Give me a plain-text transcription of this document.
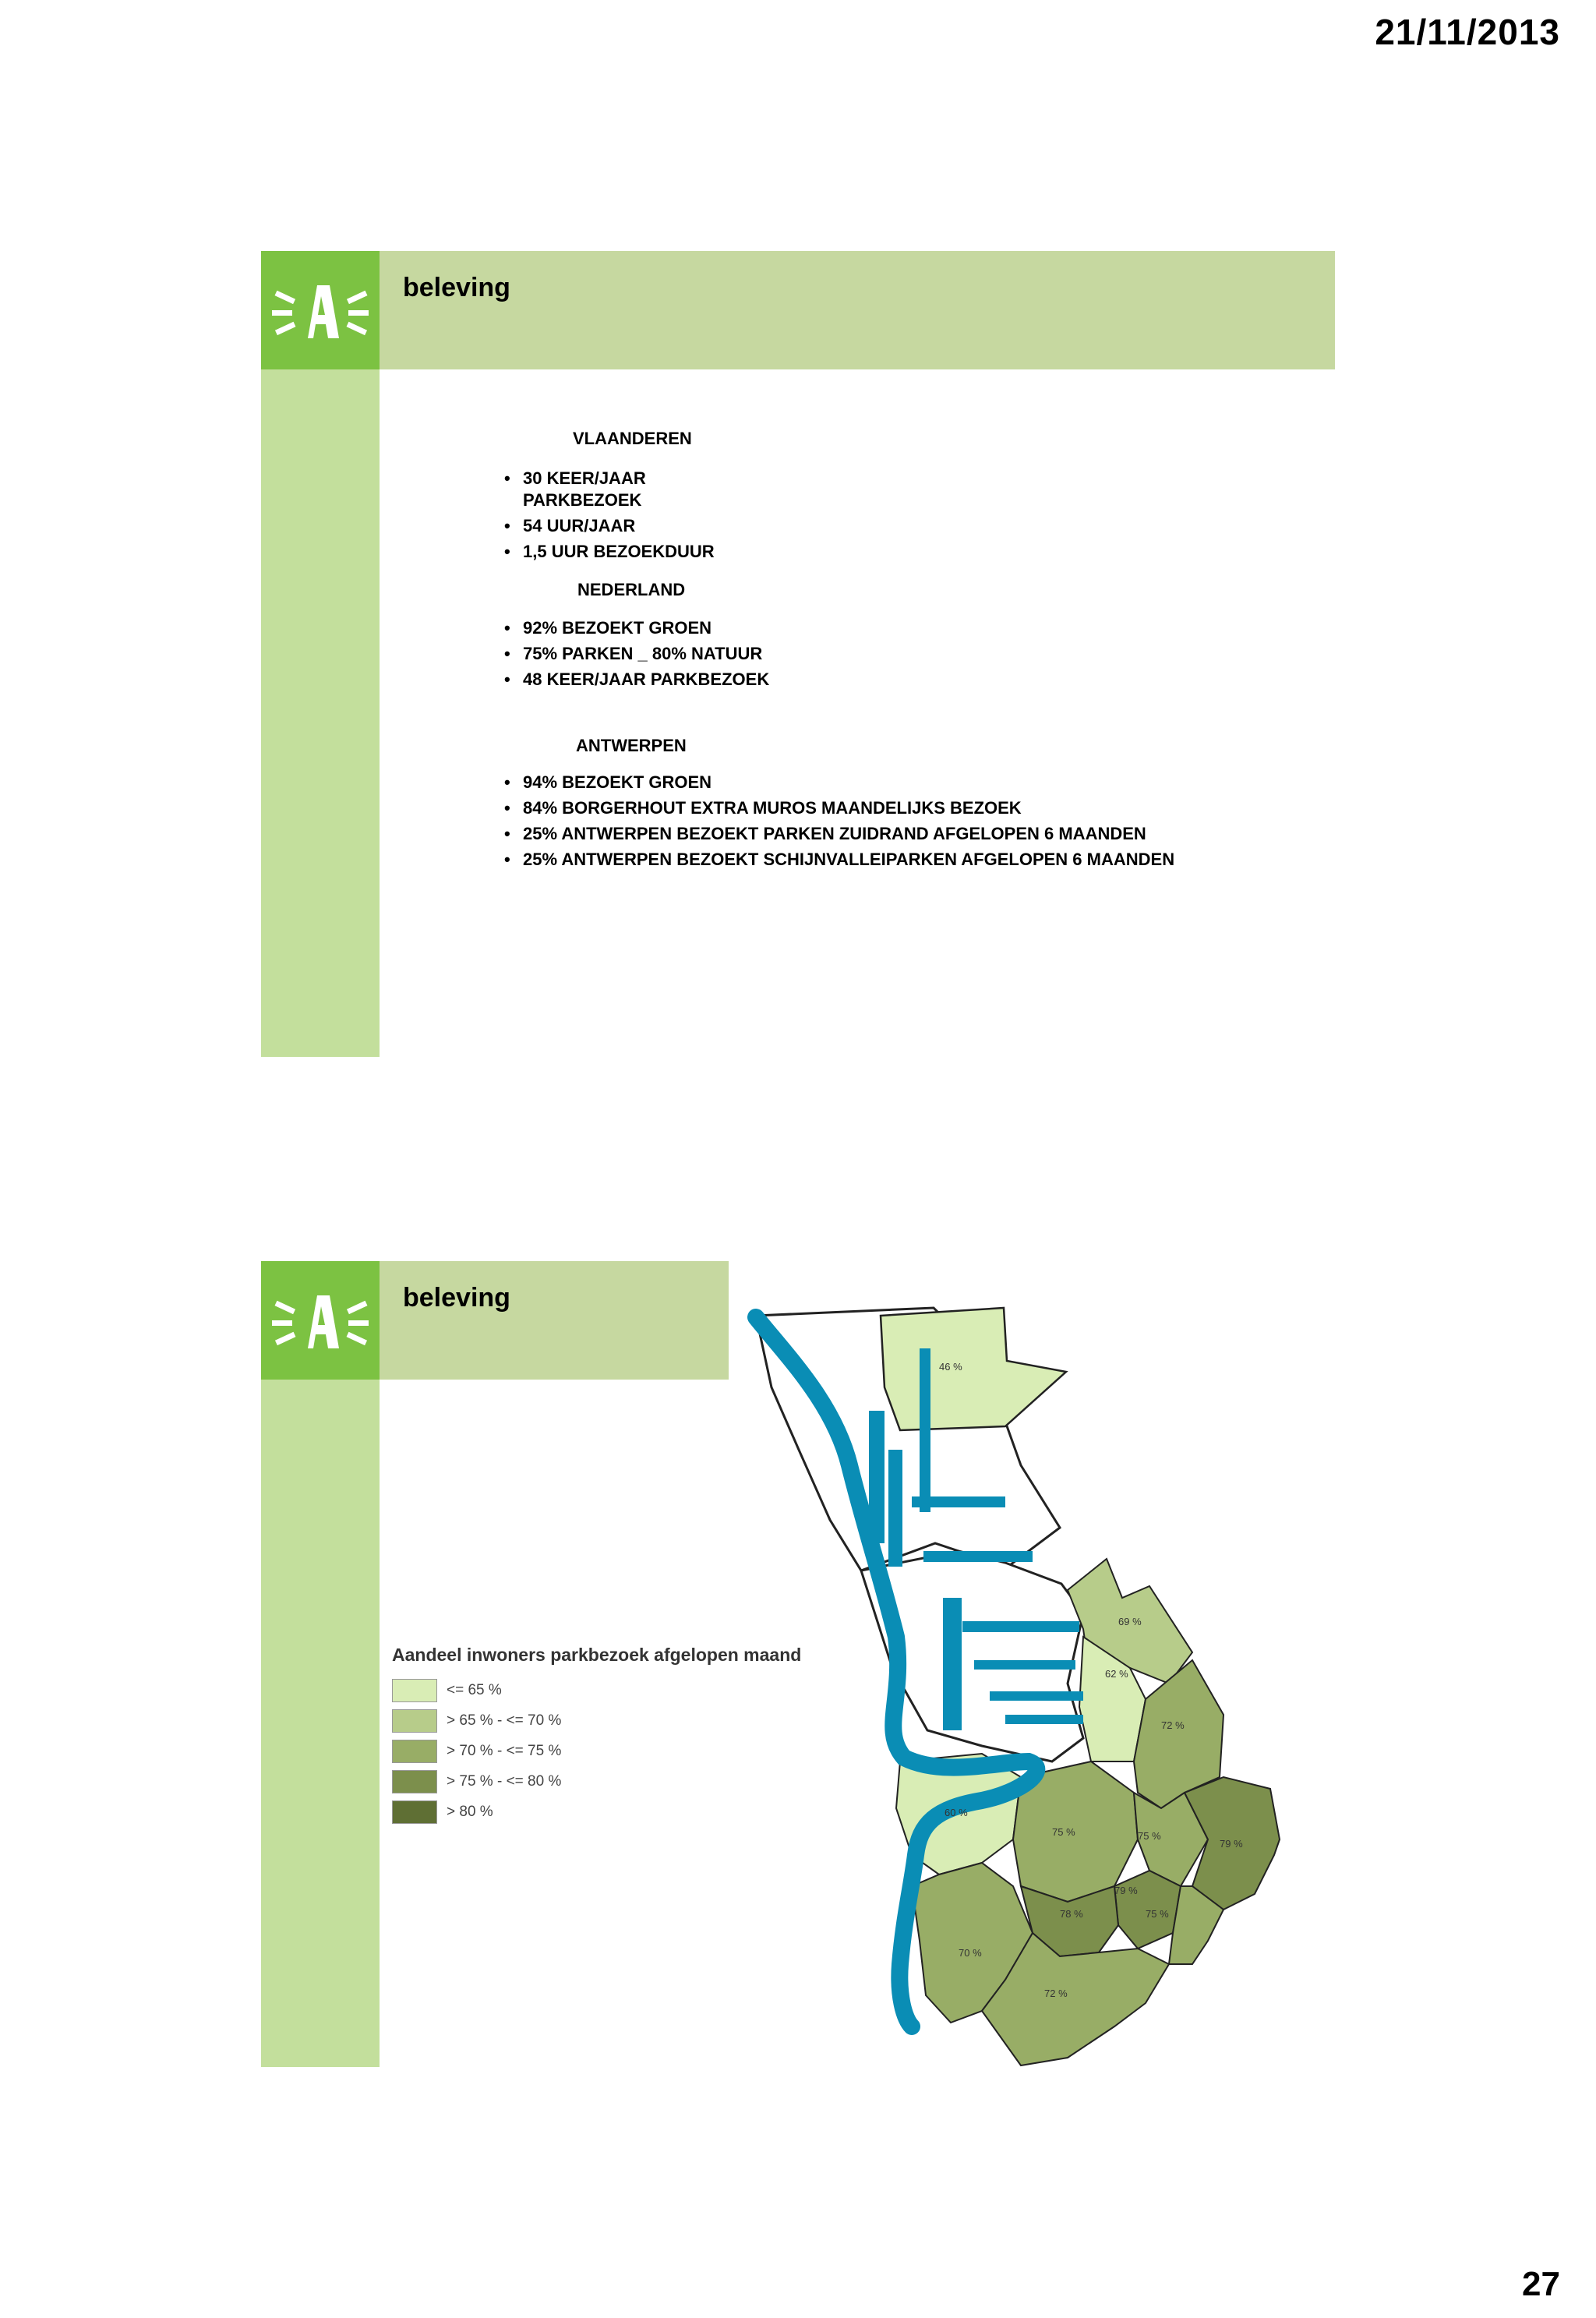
21/11/2013
beleving
VLAANDEREN
• 30 KEER/JAAR
PARKBEZOEK
• 54 UUR/JAAR
• 1,5 UUR BEZOEKDUUR
NEDERLAND
• 92% BEZOEKT GROEN
• 75% PARKEN _ 80% NATUUR
• 48 KEER/JAAR PARKBEZOEK
ANTWERPEN
• 94% BEZOEKT GROEN
• 84% BORGERHOUT EXTRA MUROS MAANDELIJKS BEZOEK
• 25% ANTWERPEN BEZOEKT PARKEN ZUIDRAND AFGELOPEN 6 MAANDEN
• 25% ANTWERPEN BEZOEKT SCHIJNVALLEIPARKEN AFGELOPEN 6 MAANDEN
beleving
46 %
69 %
62 %
72 %
60 %
75 %	75 %
79 %
79 %
78 %	75 %
70 %
72 %
Aandeel inwoners parkbezoek afgelopen maand
<= 65 %
> 65 % - <= 70 %
> 70 % - <= 75 %
> 75 % - <= 80 %
> 80 %
27
